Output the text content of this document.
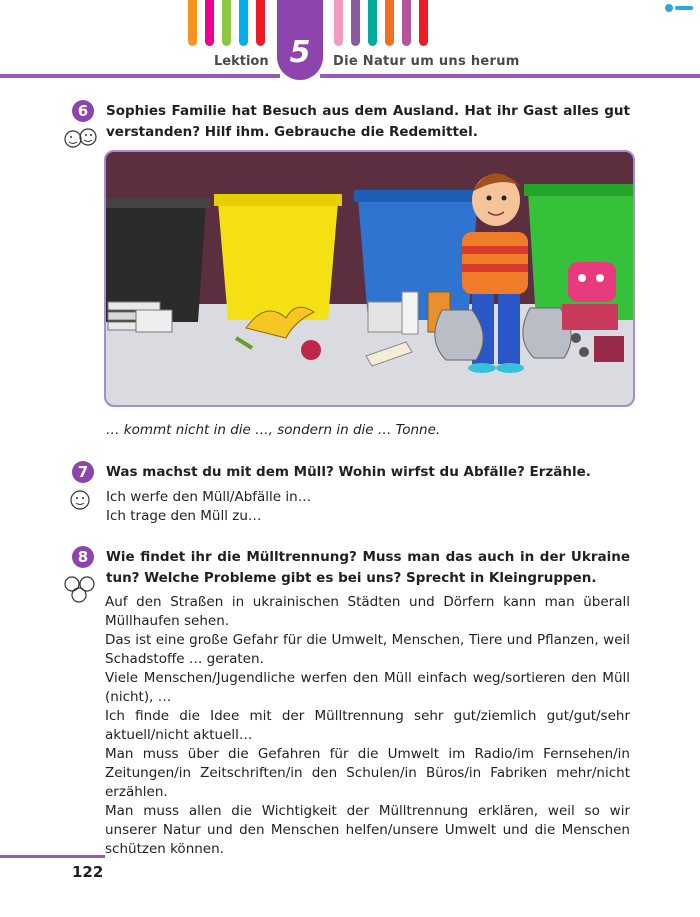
5
Lektion	Die Natur um uns herum
6 Sophies Familie hat Besuch aus dem Ausland. Hat ihr Gast alles gut verstanden? Hilf ihm. Gebrauche die Redemittel.
… kommt nicht in die …, sondern in die … Tonne.
7 Was machst du mit dem Müll? Wohin wirfst du Abfälle? Erzähle.
Ich werfe den Müll/Abfälle in…
Ich trage den Müll zu…
8 Wie findet ihr die Mülltrennung? Muss man das auch in der Ukraine tun? Welche Probleme gibt es bei uns? Sprecht in Kleingruppen.

Auf den Straßen in ukrainischen Städten und Dörfern kann man überall Müllhaufen sehen.

Das ist eine große Gefahr für die Umwelt, Menschen, Tiere und Pflanzen, weil Schadstoffe … geraten.

Viele Menschen/Jugendliche werfen den Müll einfach weg/sortieren den Müll (nicht), …

Ich finde die Idee mit der Mülltrennung sehr gut/ziemlich gut/gut/sehr aktuell/nicht aktuell…

Man muss über die Gefahren für die Umwelt im Radio/im Fernsehen/in Zeitungen/in Zeitschriften/in den Schulen/in Büros/in Fabriken mehr/nicht erzählen.

Man muss allen die Wichtigkeit der Mülltrennung erklären, weil so wir unserer Natur und den Menschen helfen/unsere Umwelt und die Menschen schützen können.

122
